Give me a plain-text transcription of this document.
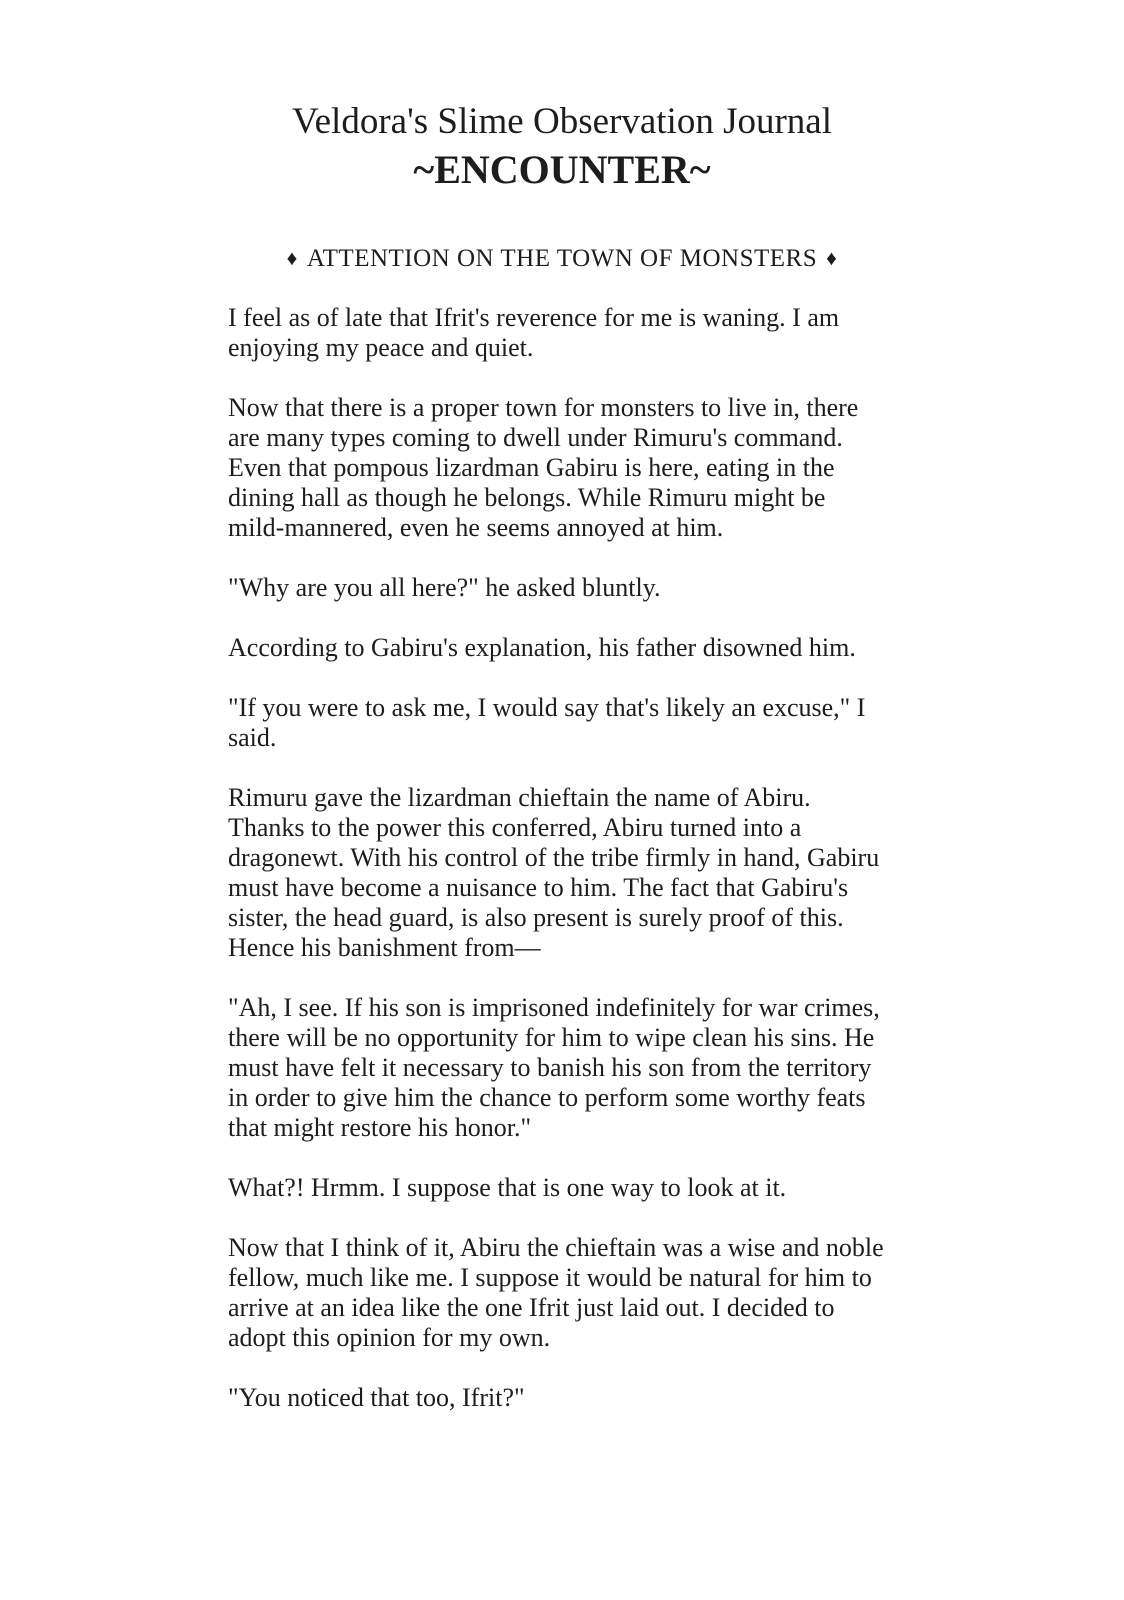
Veldora's Slime Observation Journal
~ENCOUNTER~
♦ ATTENTION ON THE TOWN OF MONSTERS ♦

I feel as of late that Ifrit's reverence for me is waning. I am enjoying my peace and quiet.

Now that there is a proper town for monsters to live in, there are many types coming to dwell under Rimuru's command. Even that pompous lizardman Gabiru is here, eating in the dining hall as though he belongs. While Rimuru might be mild-mannered, even he seems annoyed at him.

"Why are you all here?" he asked bluntly.

According to Gabiru's explanation, his father disowned him.

"If you were to ask me, I would say that's likely an excuse," I said.

Rimuru gave the lizardman chieftain the name of Abiru. Thanks to the power this conferred, Abiru turned into a dragonewt. With his control of the tribe firmly in hand, Gabiru must have become a nuisance to him. The fact that Gabiru's sister, the head guard, is also present is surely proof of this. Hence his banishment from—

"Ah, I see. If his son is imprisoned indefinitely for war crimes, there will be no opportunity for him to wipe clean his sins. He must have felt it necessary to banish his son from the territory in order to give him the chance to perform some worthy feats that might restore his honor."

What?! Hrmm. I suppose that is one way to look at it.

Now that I think of it, Abiru the chieftain was a wise and noble fellow, much like me. I suppose it would be natural for him to arrive at an idea like the one Ifrit just laid out. I decided to adopt this opinion for my own.

"You noticed that too, Ifrit?"
